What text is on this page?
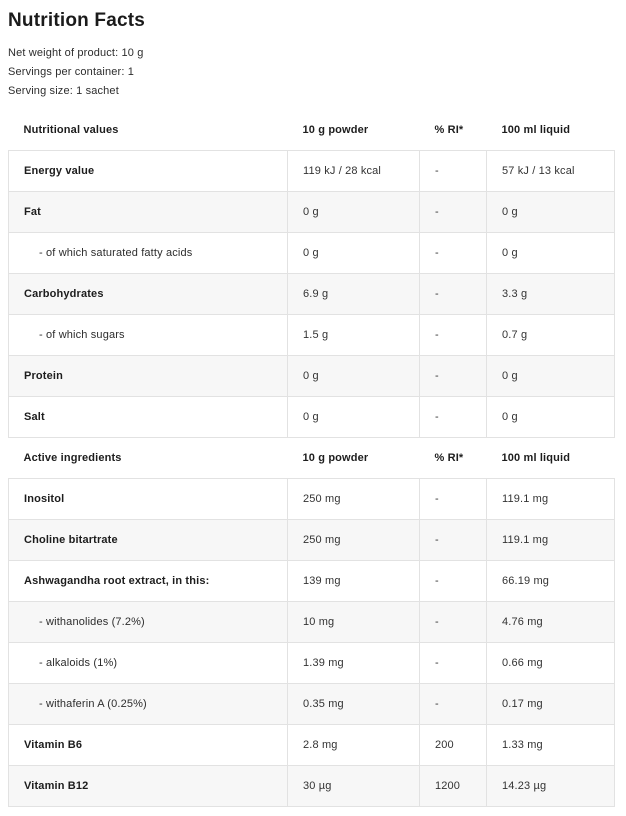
Nutrition Facts
Net weight of product: 10 g
Servings per container: 1
Serving size: 1 sachet
Nutritional values	10 g powder	% RI*	100 ml liquid
Energy value	119 kJ / 28 kcal	-	57 kJ / 13 kcal
Fat	0 g	-	0 g
- of which saturated fatty acids	0 g	-	0 g
Carbohydrates	6.9 g	-	3.3 g
- of which sugars	1.5 g	-	0.7 g
Protein	0 g	-	0 g
Salt	0 g	-	0 g
Active ingredients	10 g powder	% RI*	100 ml liquid
Inositol	250 mg	-	119.1 mg
Choline bitartrate	250 mg	-	119.1 mg
Ashwagandha root extract, in this:	139 mg	-	66.19 mg
- withanolides (7.2%)	10 mg	-	4.76 mg
- alkaloids (1%)	1.39 mg	-	0.66 mg
- withaferin A (0.25%)	0.35 mg	-	0.17 mg
Vitamin B6	2.8 mg	200	1.33 mg
Vitamin B12	30 µg	1200	14.23 µg
